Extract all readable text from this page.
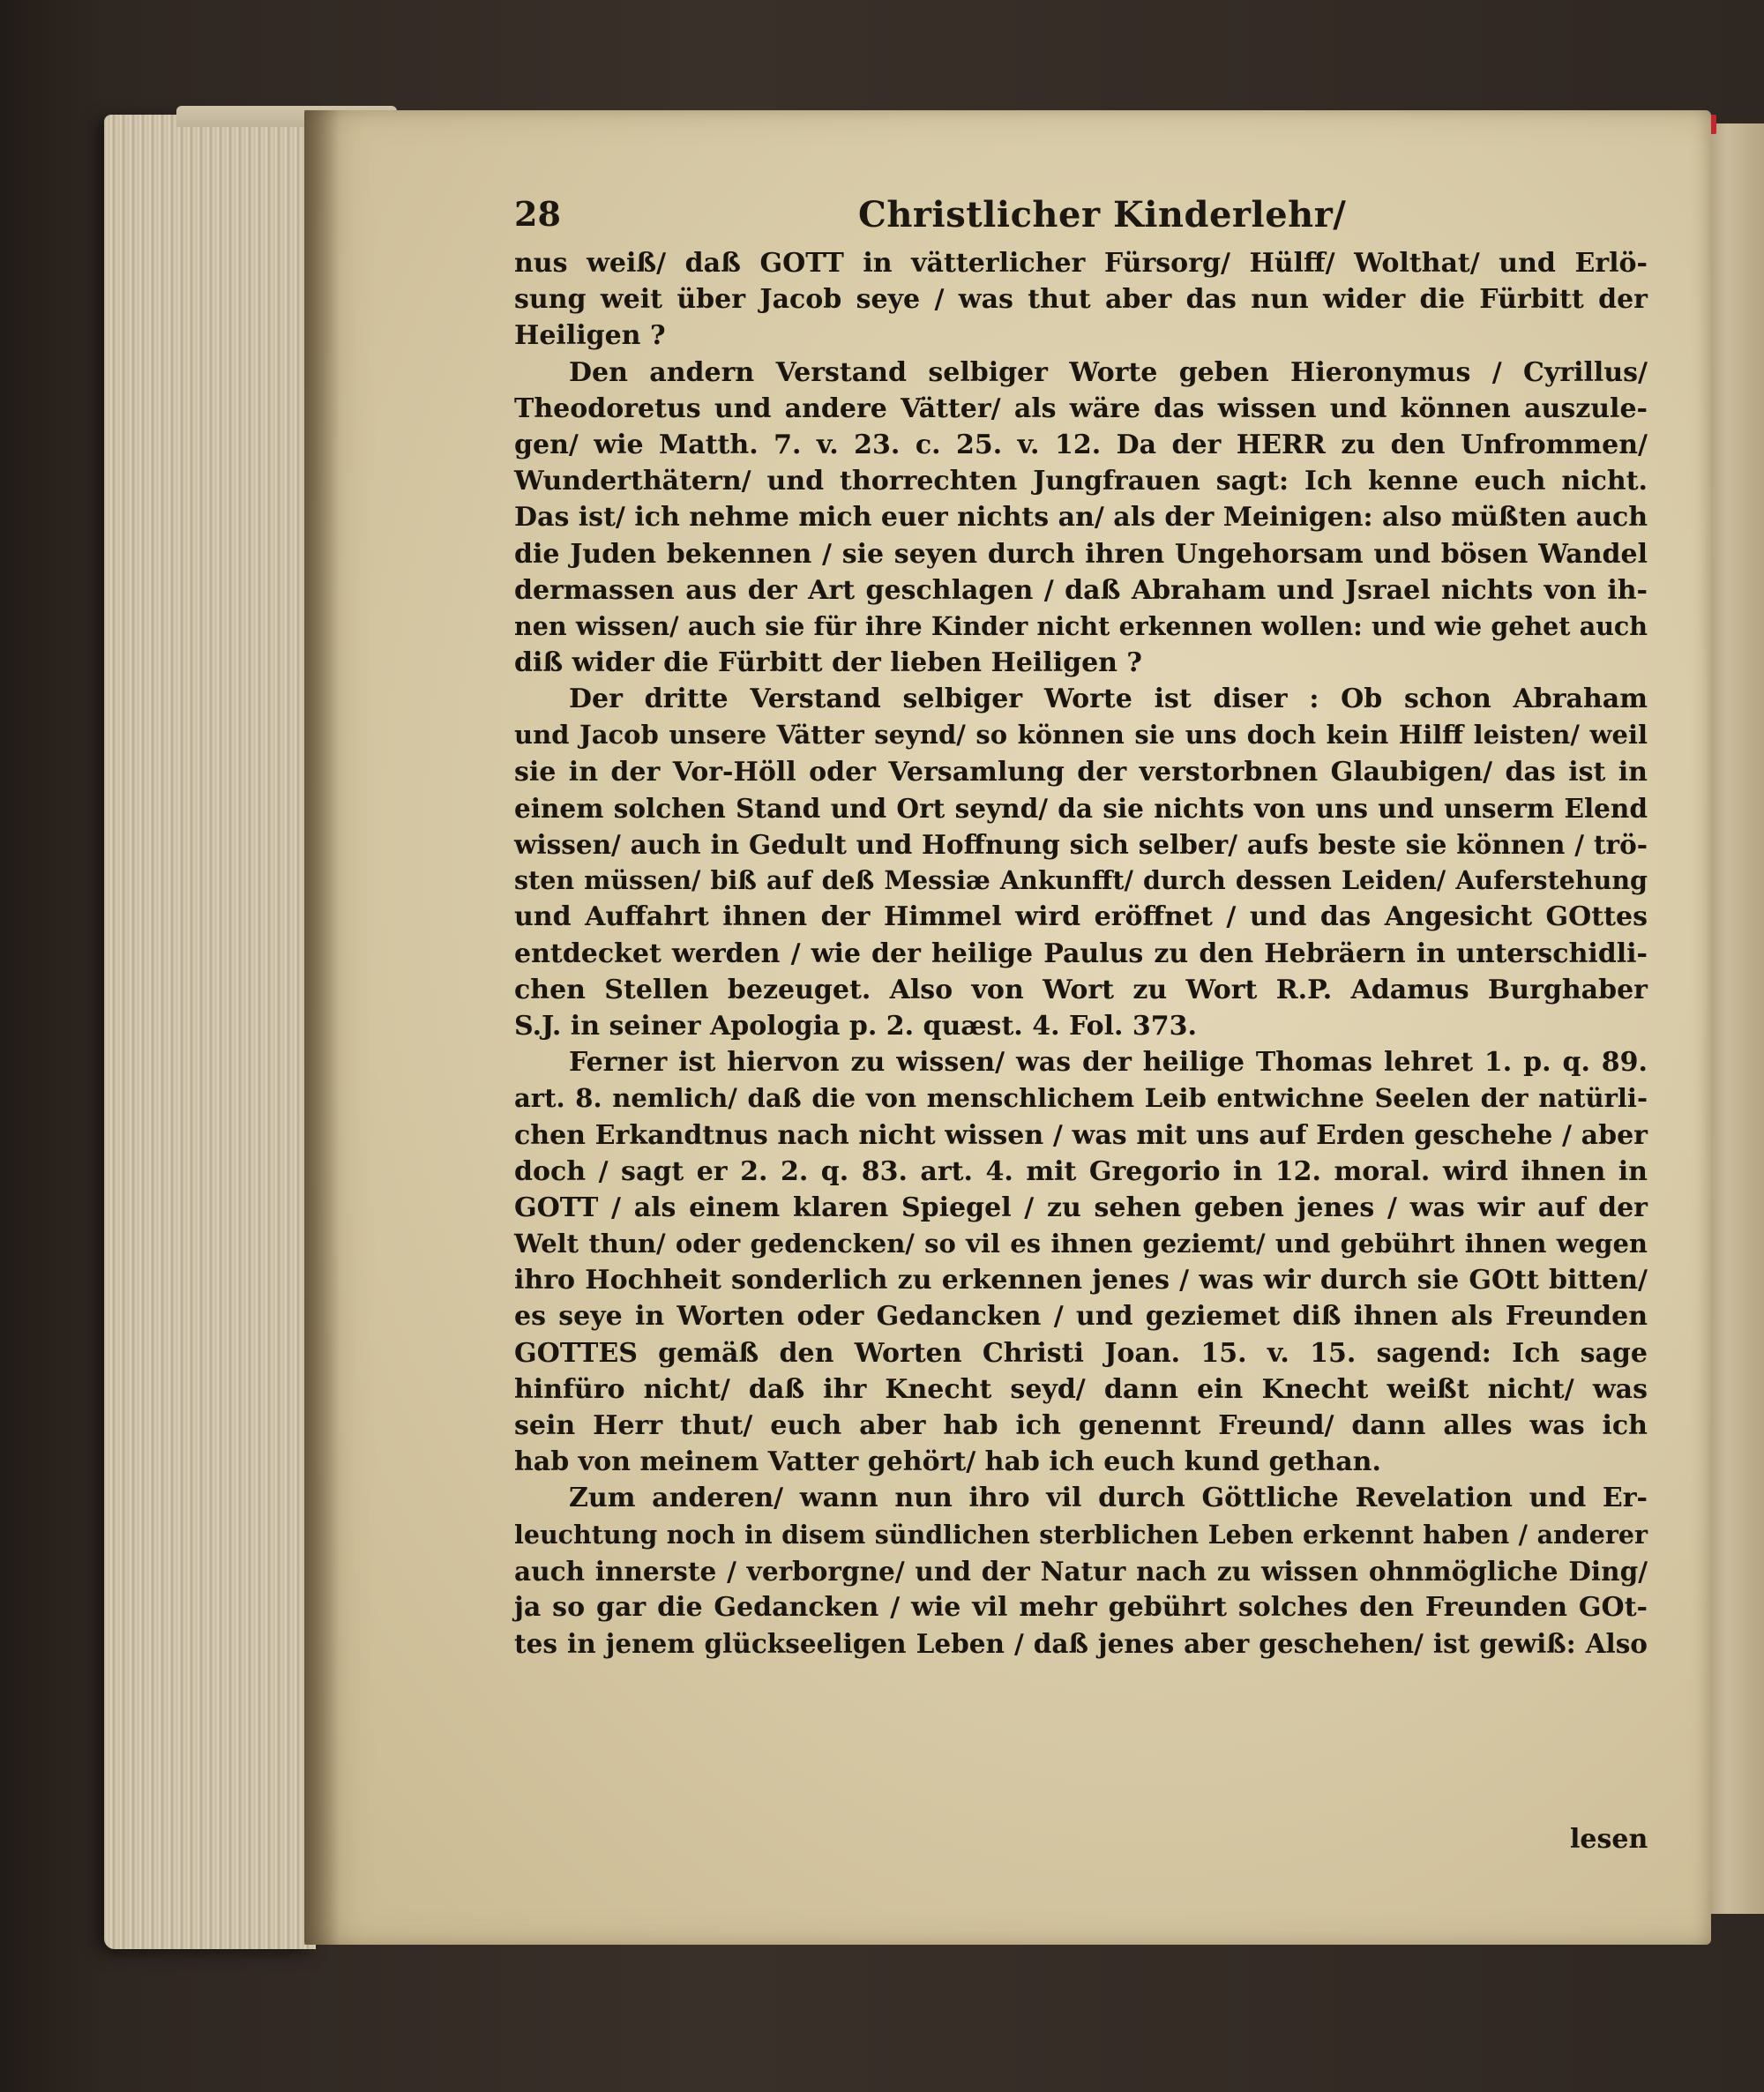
28	Christlicher Kinderlehr/
nus weiß/ daß GOTT in vätterlicher Fürsorg/ Hülff/ Wolthat/ und Erlö-
sung weit über Jacob seye / was thut aber das nun wider die Fürbitt der
Heiligen ?
Den andern Verstand selbiger Worte geben Hieronymus / Cyrillus/
Theodoretus und andere Vätter/ als wäre das wissen und können auszule-
gen/ wie Matth. 7. v. 23. c. 25. v. 12. Da der HERR zu den Unfrommen/
Wunderthätern/ und thorrechten Jungfrauen sagt: Ich kenne euch nicht.
Das ist/ ich nehme mich euer nichts an/ als der Meinigen: also müßten auch
die Juden bekennen / sie seyen durch ihren Ungehorsam und bösen Wandel
dermassen aus der Art geschlagen / daß Abraham und Jsrael nichts von ih-
nen wissen/ auch sie für ihre Kinder nicht erkennen wollen: und wie gehet auch
diß wider die Fürbitt der lieben Heiligen ?
Der dritte Verstand selbiger Worte ist diser : Ob schon Abraham
und Jacob unsere Vätter seynd/ so können sie uns doch kein Hilff leisten/ weil
sie in der Vor-Höll oder Versamlung der verstorbnen Glaubigen/ das ist in
einem solchen Stand und Ort seynd/ da sie nichts von uns und unserm Elend
wissen/ auch in Gedult und Hoffnung sich selber/ aufs beste sie können / trö-
sten müssen/ biß auf deß Messiæ Ankunfft/ durch dessen Leiden/ Auferstehung
und Auffahrt ihnen der Himmel wird eröffnet / und das Angesicht GOttes
entdecket werden / wie der heilige Paulus zu den Hebräern in unterschidli-
chen Stellen bezeuget. Also von Wort zu Wort R.P. Adamus Burghaber
S.J. in seiner Apologia p. 2. quæst. 4. Fol. 373.
Ferner ist hiervon zu wissen/ was der heilige Thomas lehret 1. p. q. 89.
art. 8. nemlich/ daß die von menschlichem Leib entwichne Seelen der natürli-
chen Erkandtnus nach nicht wissen / was mit uns auf Erden geschehe / aber
doch / sagt er 2. 2. q. 83. art. 4. mit Gregorio in 12. moral. wird ihnen in
GOTT / als einem klaren Spiegel / zu sehen geben jenes / was wir auf der
Welt thun/ oder gedencken/ so vil es ihnen geziemt/ und gebührt ihnen wegen
ihro Hochheit sonderlich zu erkennen jenes / was wir durch sie GOtt bitten/
es seye in Worten oder Gedancken / und geziemet diß ihnen als Freunden
GOTTES gemäß den Worten Christi Joan. 15. v. 15. sagend: Ich sage
hinfüro nicht/ daß ihr Knecht seyd/ dann ein Knecht weißt nicht/ was
sein Herr thut/ euch aber hab ich genennt Freund/ dann alles was ich
hab von meinem Vatter gehört/ hab ich euch kund gethan.
Zum anderen/ wann nun ihro vil durch Göttliche Revelation und Er-
leuchtung noch in disem sündlichen sterblichen Leben erkennt haben / anderer
auch innerste / verborgne/ und der Natur nach zu wissen ohnmögliche Ding/
ja so gar die Gedancken / wie vil mehr gebührt solches den Freunden GOt-
tes in jenem glückseeligen Leben / daß jenes aber geschehen/ ist gewiß: Also
lesen
